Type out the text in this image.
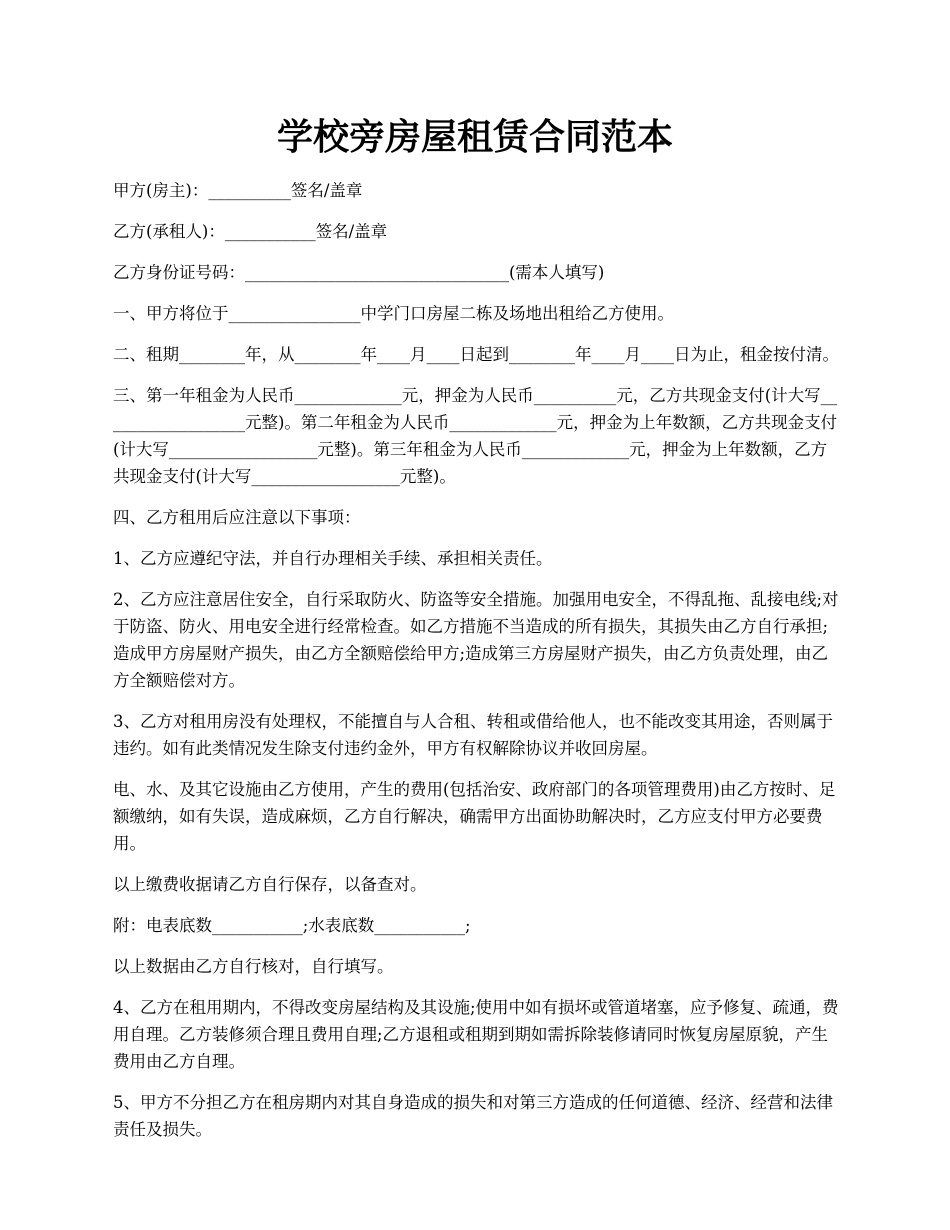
学校旁房屋租赁合同范本

甲方(房主)：__________签名/盖章

乙方(承租人)：___________签名/盖章

乙方身份证号码：________________________________(需本人填写)

一、甲方将位于________________中学门口房屋二栋及场地出租给乙方使用。

二、租期________年，从________年____月____日起到________年____月____日为止，租金按付清。

三、第一年租金为人民币_____________元，押金为人民币__________元，乙方共现金支付(计大写__________________元整)。第二年租金为人民币_____________元，押金为上年数额，乙方共现金支付(计大写__________________元整)。第三年租金为人民币_____________元，押金为上年数额，乙方共现金支付(计大写__________________元整)。

四、乙方租用后应注意以下事项：

1、乙方应遵纪守法，并自行办理相关手续、承担相关责任。

2、乙方应注意居住安全，自行采取防火、防盗等安全措施。加强用电安全，不得乱拖、乱接电线;对于防盗、防火、用电安全进行经常检查。如乙方措施不当造成的所有损失，其损失由乙方自行承担;造成甲方房屋财产损失，由乙方全额赔偿给甲方;造成第三方房屋财产损失，由乙方负责处理，由乙方全额赔偿对方。

3、乙方对租用房没有处理权，不能擅自与人合租、转租或借给他人，也不能改变其用途，否则属于违约。如有此类情况发生除支付违约金外，甲方有权解除协议并收回房屋。

电、水、及其它设施由乙方使用，产生的费用(包括治安、政府部门的各项管理费用)由乙方按时、足额缴纳，如有失误，造成麻烦，乙方自行解决，确需甲方出面协助解决时，乙方应支付甲方必要费用。

以上缴费收据请乙方自行保存，以备查对。

附：电表底数___________;水表底数___________;

以上数据由乙方自行核对，自行填写。

4、乙方在租用期内，不得改变房屋结构及其设施;使用中如有损坏或管道堵塞，应予修复、疏通，费用自理。乙方装修须合理且费用自理;乙方退租或租期到期如需拆除装修请同时恢复房屋原貌，产生费用由乙方自理。

5、甲方不分担乙方在租房期内对其自身造成的损失和对第三方造成的任何道德、经济、经营和法律责任及损失。
